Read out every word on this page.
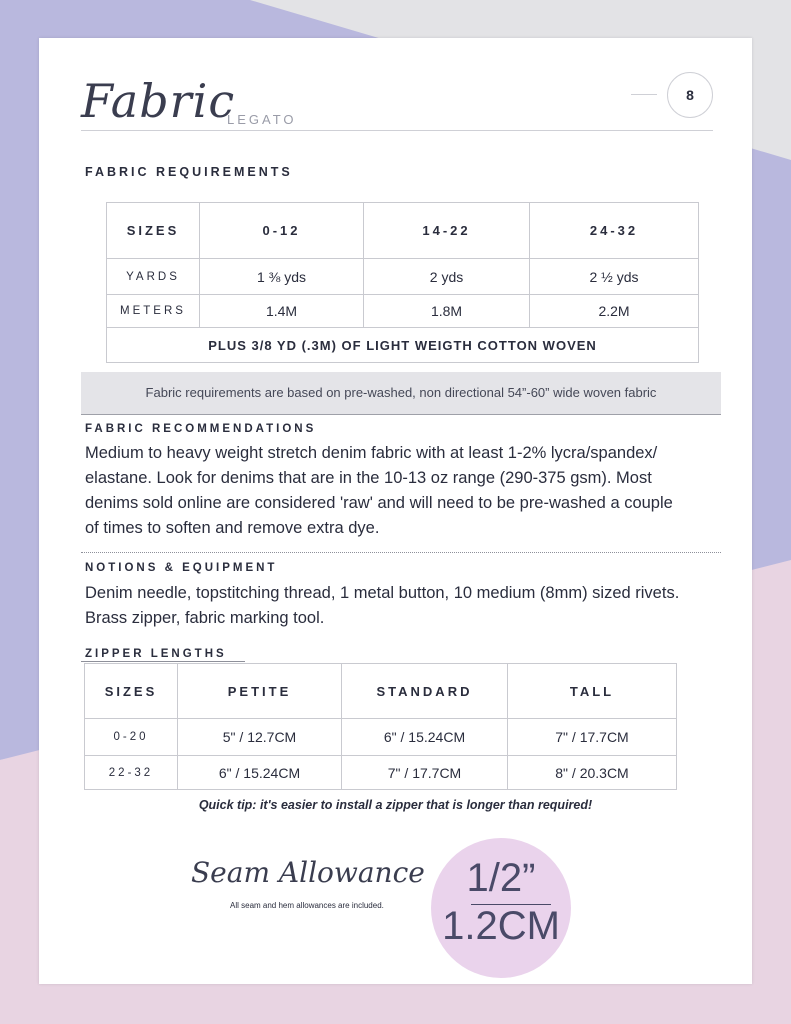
Fabric
LEGATO
8
FABRIC REQUIREMENTS
SIZES	0-12	14-22	24-32
YARDS	1 ⅜ yds	2 yds	2 ½ yds
METERS	1.4M	1.8M	2.2M
PLUS 3/8 YD (.3M) OF LIGHT WEIGTH COTTON WOVEN			
Fabric requirements are based on pre-washed, non directional 54”-60” wide woven fabric
FABRIC RECOMMENDATIONS
Medium to heavy weight stretch denim fabric with at least 1-2% lycra/spandex/
elastane. Look for denims that are in the 10-13 oz range (290-375 gsm). Most
denims sold online are considered 'raw' and will need to be pre-washed a couple
of times to soften and remove extra dye.
NOTIONS & EQUIPMENT
Denim needle, topstitching thread, 1 metal button, 10 medium (8mm) sized rivets.
Brass zipper, fabric marking tool.
ZIPPER LENGTHS
SIZES	PETITE	STANDARD	TALL
0-20	5" / 12.7CM	6" / 15.24CM	7" / 17.7CM
22-32	6" / 15.24CM	7" / 17.7CM	8" / 20.3CM
Quick tip: it's easier to install a zipper that is longer than required!
Seam Allowance
All seam and hem allowances are included.
1/2”
1.2CM
